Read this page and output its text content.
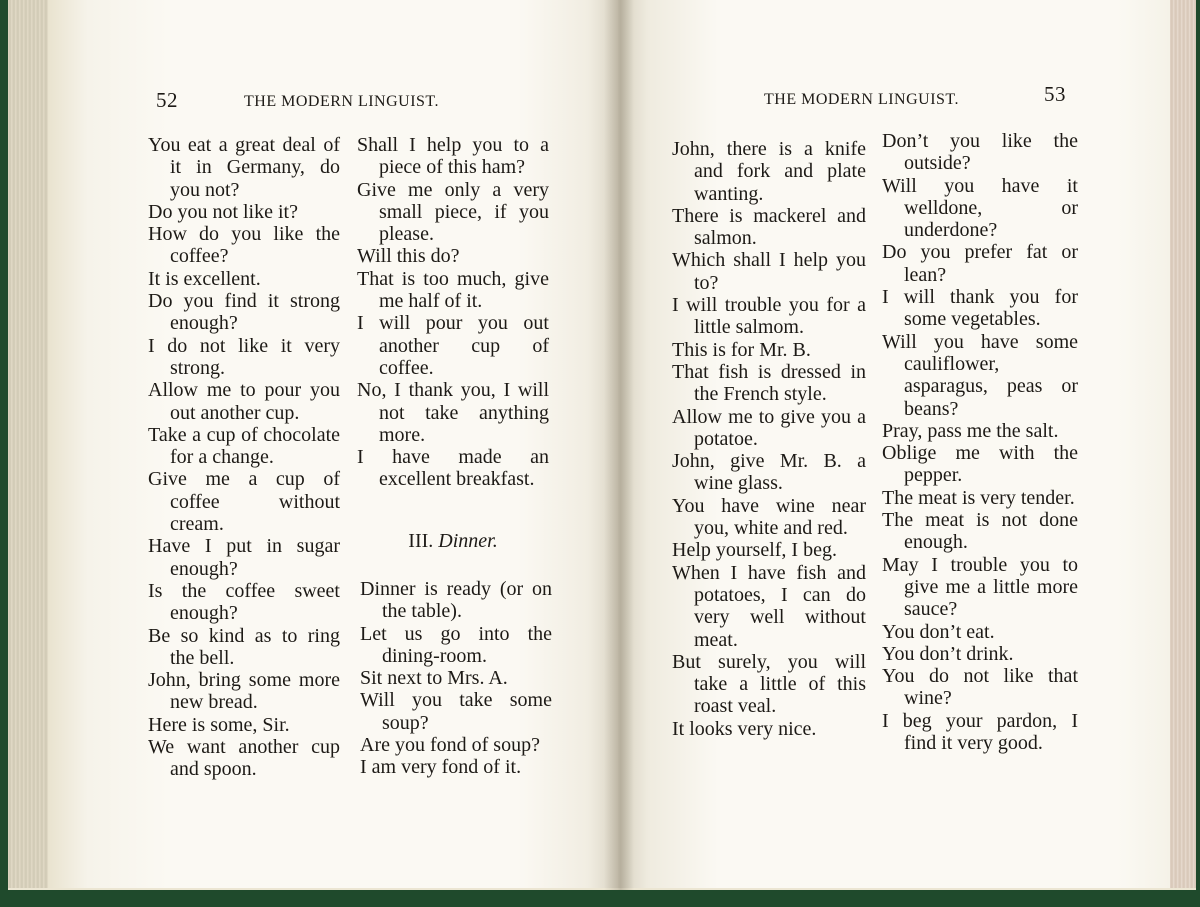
52	THE MODERN LINGUIST.

You eat a great deal of it in Germany, do you not?

Do you not like it?

How do you like the coffee?

It is excellent.

Do you find it strong enough?

I do not like it very strong.

Allow me to pour you out another cup.

Take a cup of chocolate for a change.

Give me a cup of coffee without cream.

Have I put in sugar enough?

Is the coffee sweet enough?

Be so kind as to ring the bell.

John, bring some more new bread.

Here is some, Sir.

We want another cup and spoon.

Shall I help you to a piece of this ham?

Give me only a very small piece, if you please.

Will this do?

That is too much, give me half of it.

I will pour you out another cup of coffee.

No, I thank you, I will not take anything more.

I have made an excellent breakfast.

III. Dinner.

Dinner is ready (or on the table).

Let us go into the dining-room.

Sit next to Mrs. A.

Will you take some soup?

Are you fond of soup?

I am very fond of it.

THE MODERN LINGUIST.	53

John, there is a knife and fork and plate wanting.

There is mackerel and salmon.

Which shall I help you to?

I will trouble you for a little salmom.

This is for Mr. B.

That fish is dressed in the French style.

Allow me to give you a potatoe.

John, give Mr. B. a wine glass.

You have wine near you, white and red.

Help yourself, I beg.

When I have fish and potatoes, I can do very well without meat.

But surely, you will take a little of this roast veal.

It looks very nice.

Don’t you like the outside?

Will you have it welldone, or underdone?

Do you prefer fat or lean?

I will thank you for some vegetables.

Will you have some cauliflower, asparagus, peas or beans?

Pray, pass me the salt.

Oblige me with the pepper.

The meat is very tender.

The meat is not done enough.

May I trouble you to give me a little more sauce?

You don’t eat.

You don’t drink.

You do not like that wine?

I beg your pardon, I find it very good.
